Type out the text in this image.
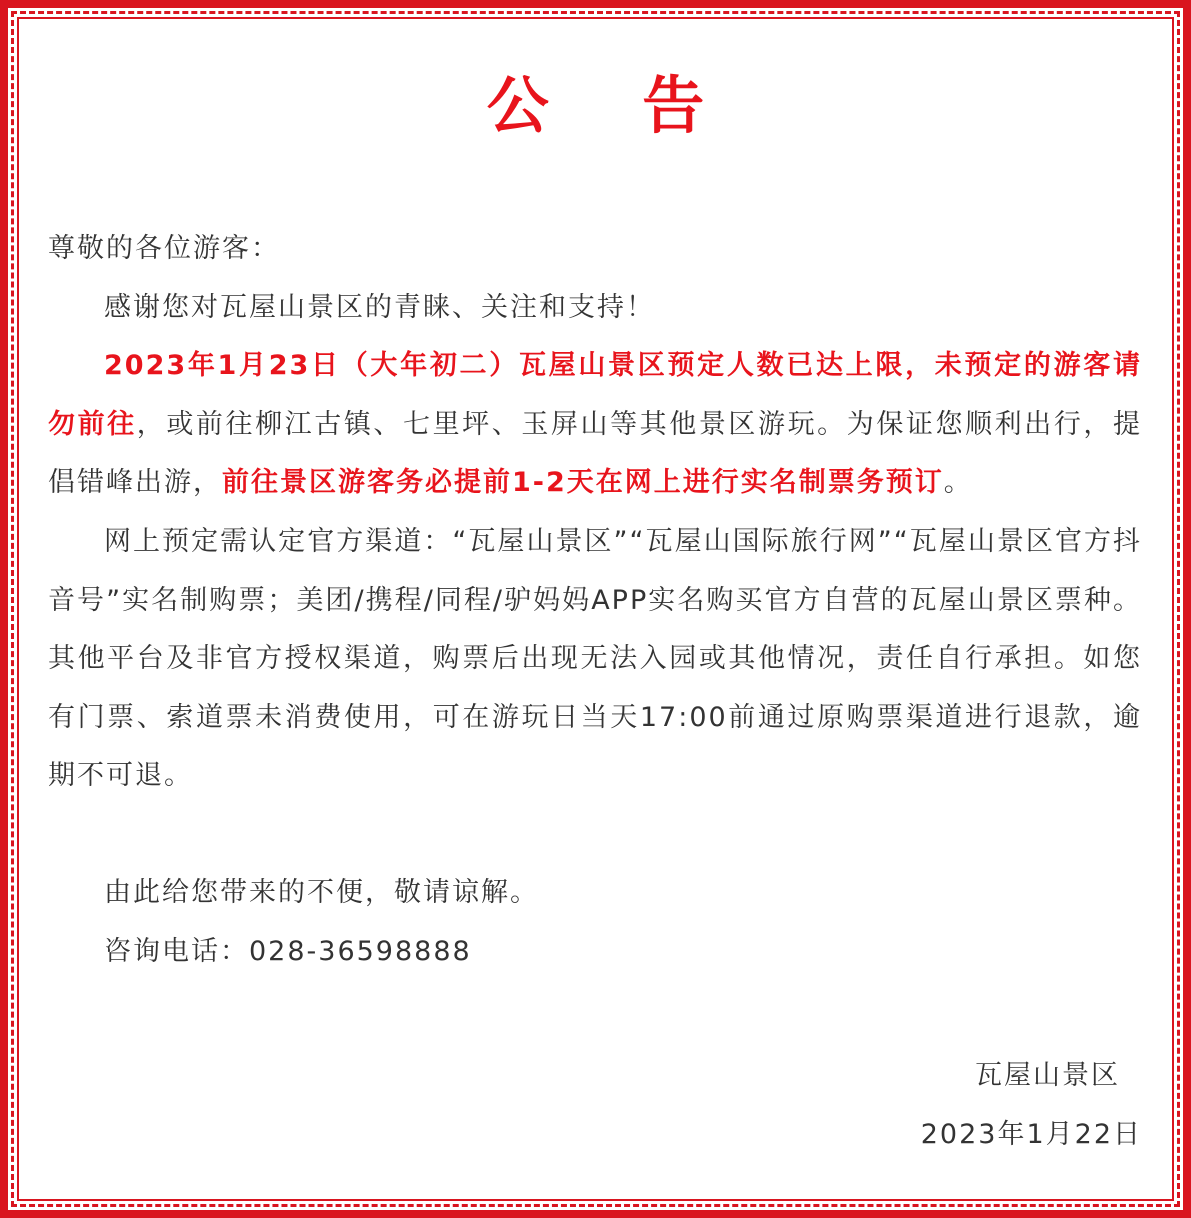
公 告

尊敬的各位游客：

感谢您对瓦屋山景区的青睐、关注和支持！

2023年1月23日（大年初二）瓦屋山景区预定人数已达上限，未预定的游客请勿前往，或前往柳江古镇、七里坪、玉屏山等其他景区游玩。为保证您顺利出行，提倡错峰出游，前往景区游客务必提前1-2天在网上进行实名制票务预订。

网上预定需认定官方渠道：“瓦屋山景区”“瓦屋山国际旅行网”“瓦屋山景区官方抖音号”实名制购票；美团/携程/同程/驴妈妈APP实名购买官方自营的瓦屋山景区票种。其他平台及非官方授权渠道，购票后出现无法入园或其他情况，责任自行承担。如您有门票、索道票未消费使用，可在游玩日当天17:00前通过原购票渠道进行退款，逾期不可退。

由此给您带来的不便，敬请谅解。

咨询电话：028-36598888

瓦屋山景区

2023年1月22日
